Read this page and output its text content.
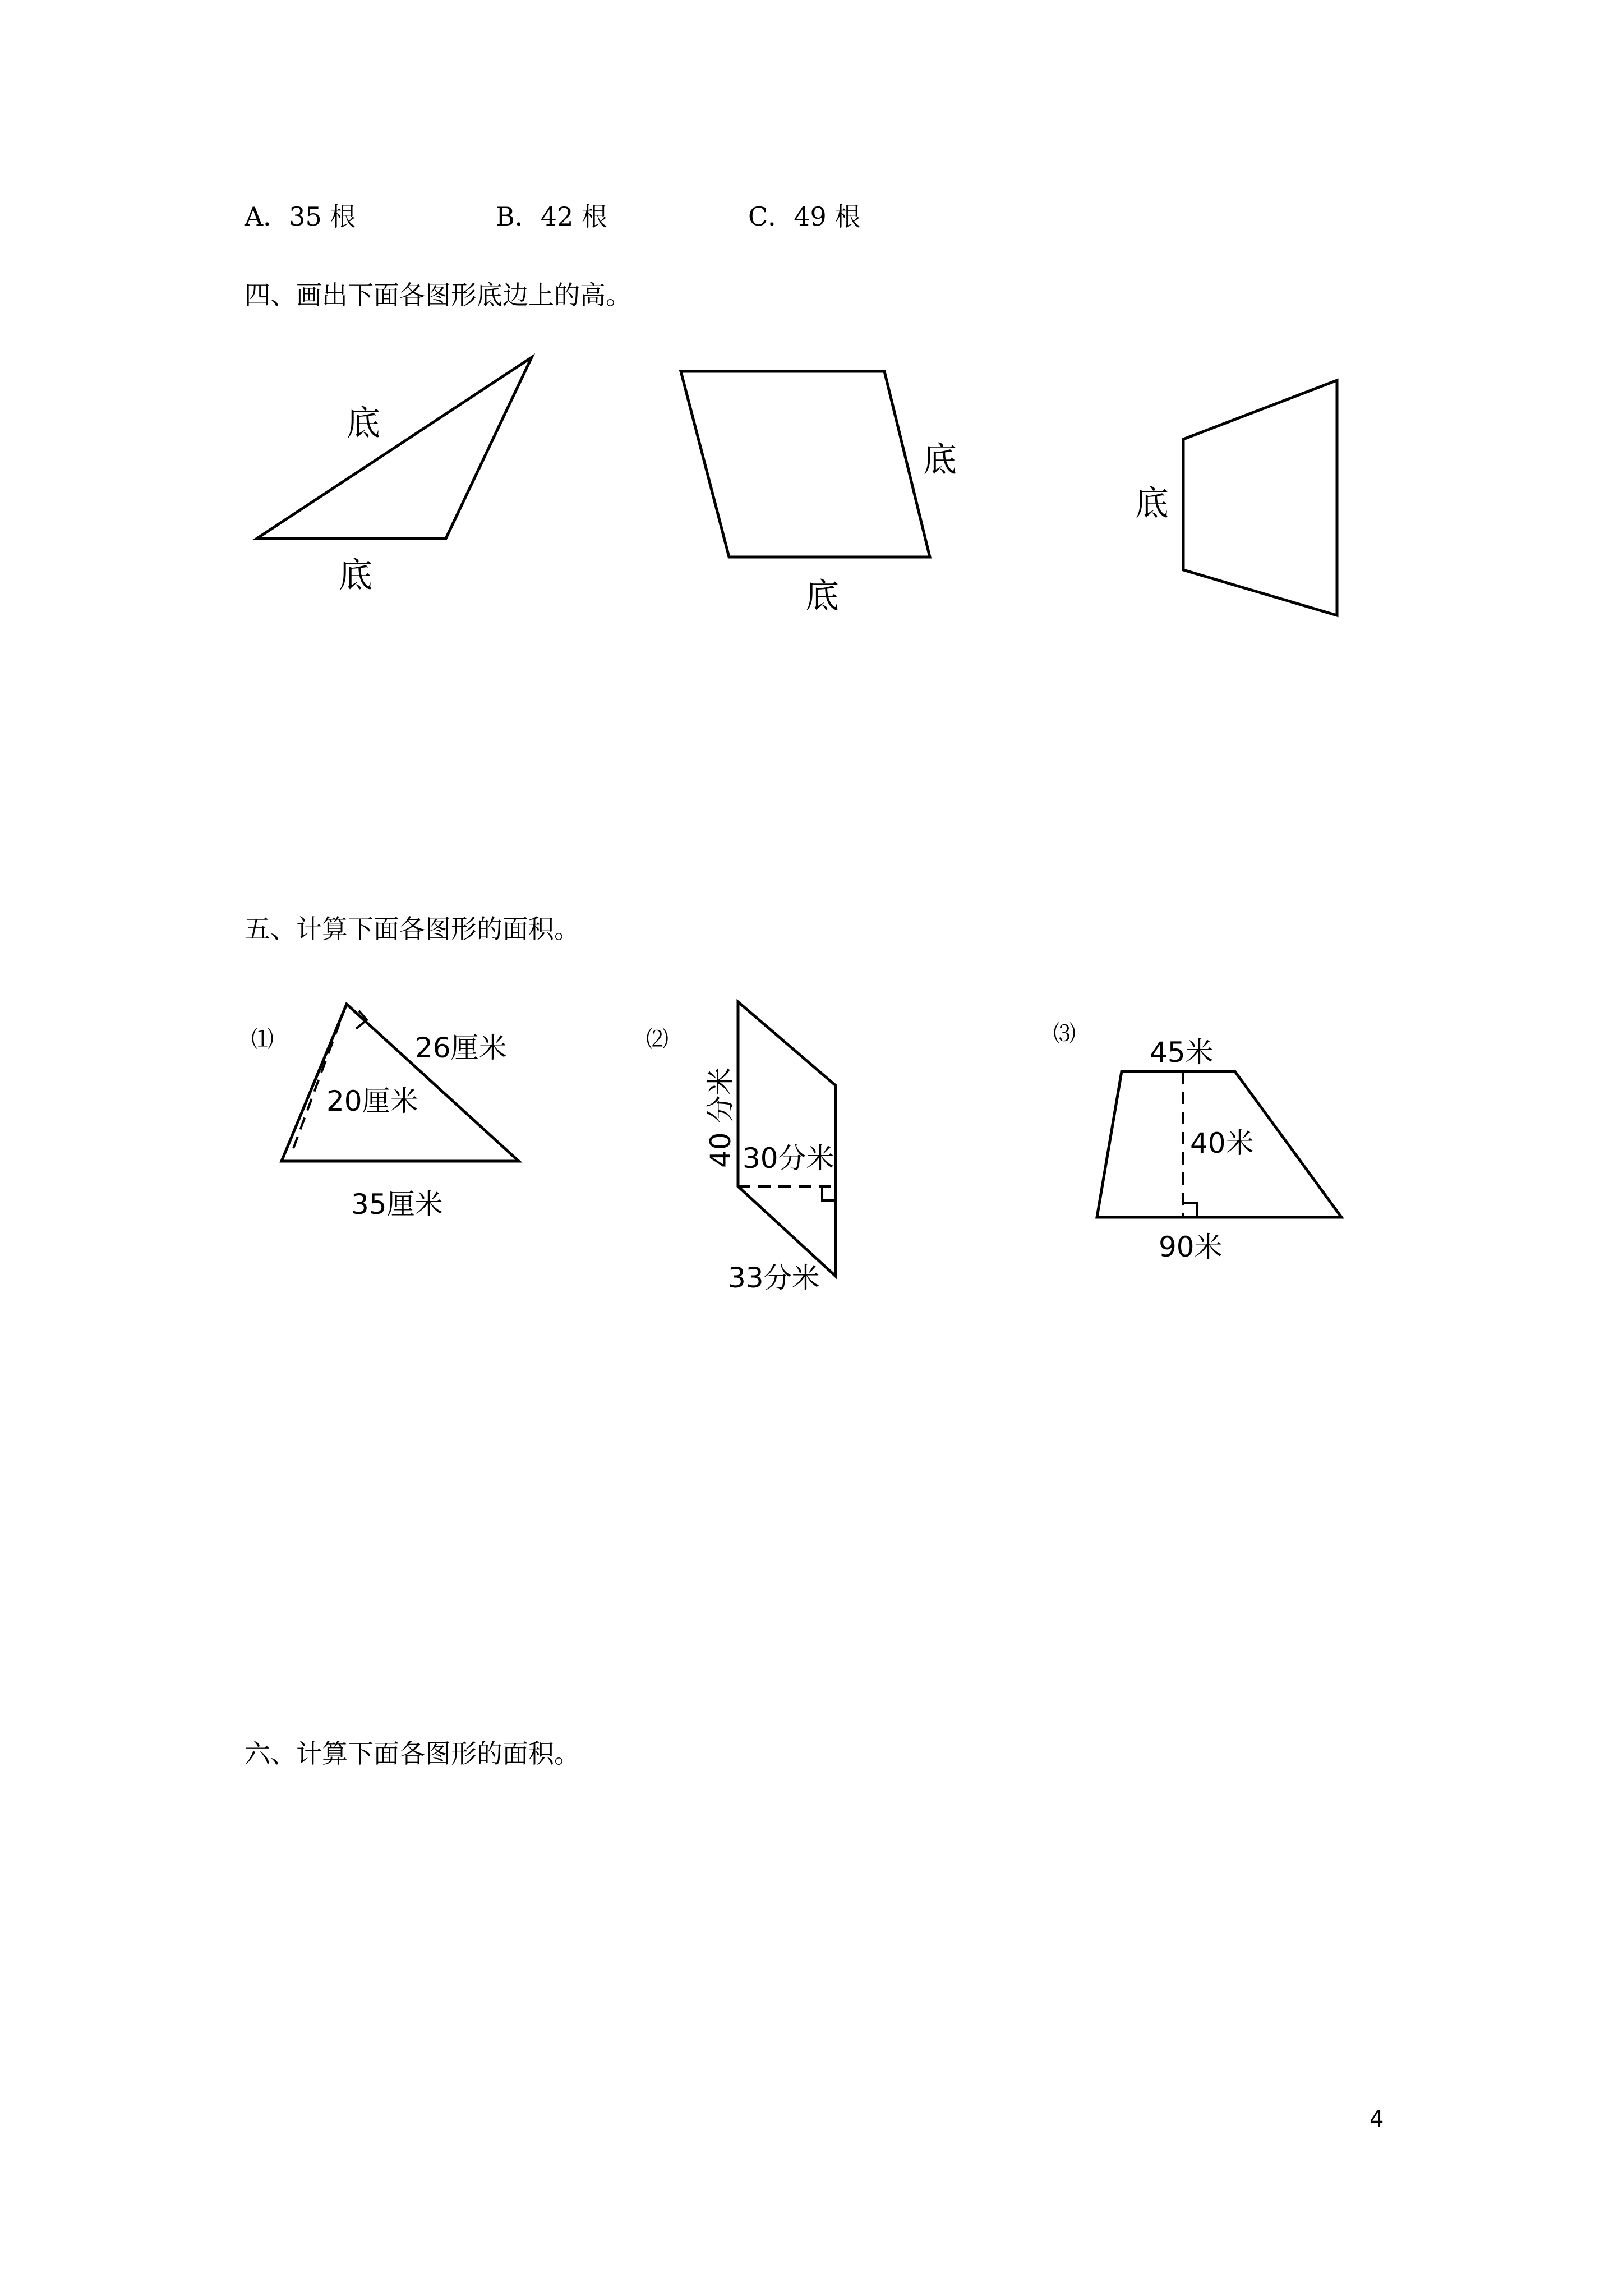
A．35 根	B．42 根	C．49 根
四、画出下面各图形底边上的高。
五、计算下面各图形的面积。
六、计算下面各图形的面积。
底
底
底
底
底
⑴	26厘米
20厘米
35厘米
⑵
40 分米 30分米
33分米
⑶
45米
40米
90米
4
